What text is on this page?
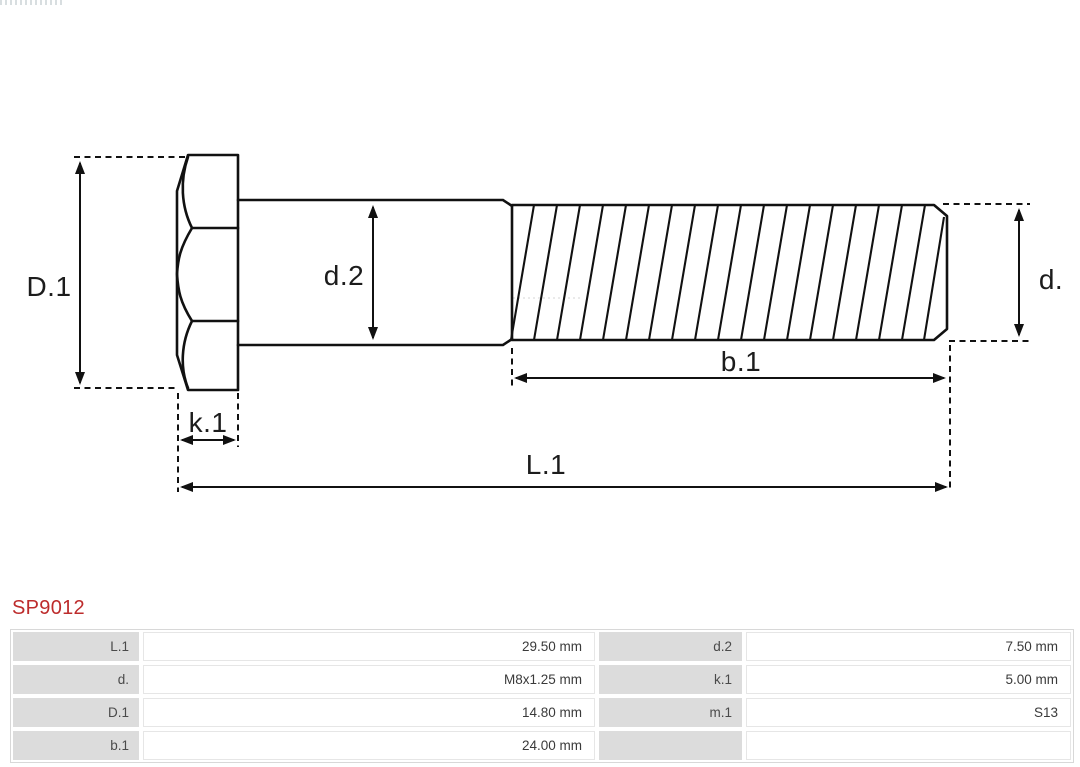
D.1	d.2	d.
b.1
k.1
L.1
SP9012
L.1	29.50 mm	d.2	7.50 mm
d.	M8x1.25 mm	k.1	5.00 mm
D.1	14.80 mm	m.1	S13
b.1	24.00 mm
